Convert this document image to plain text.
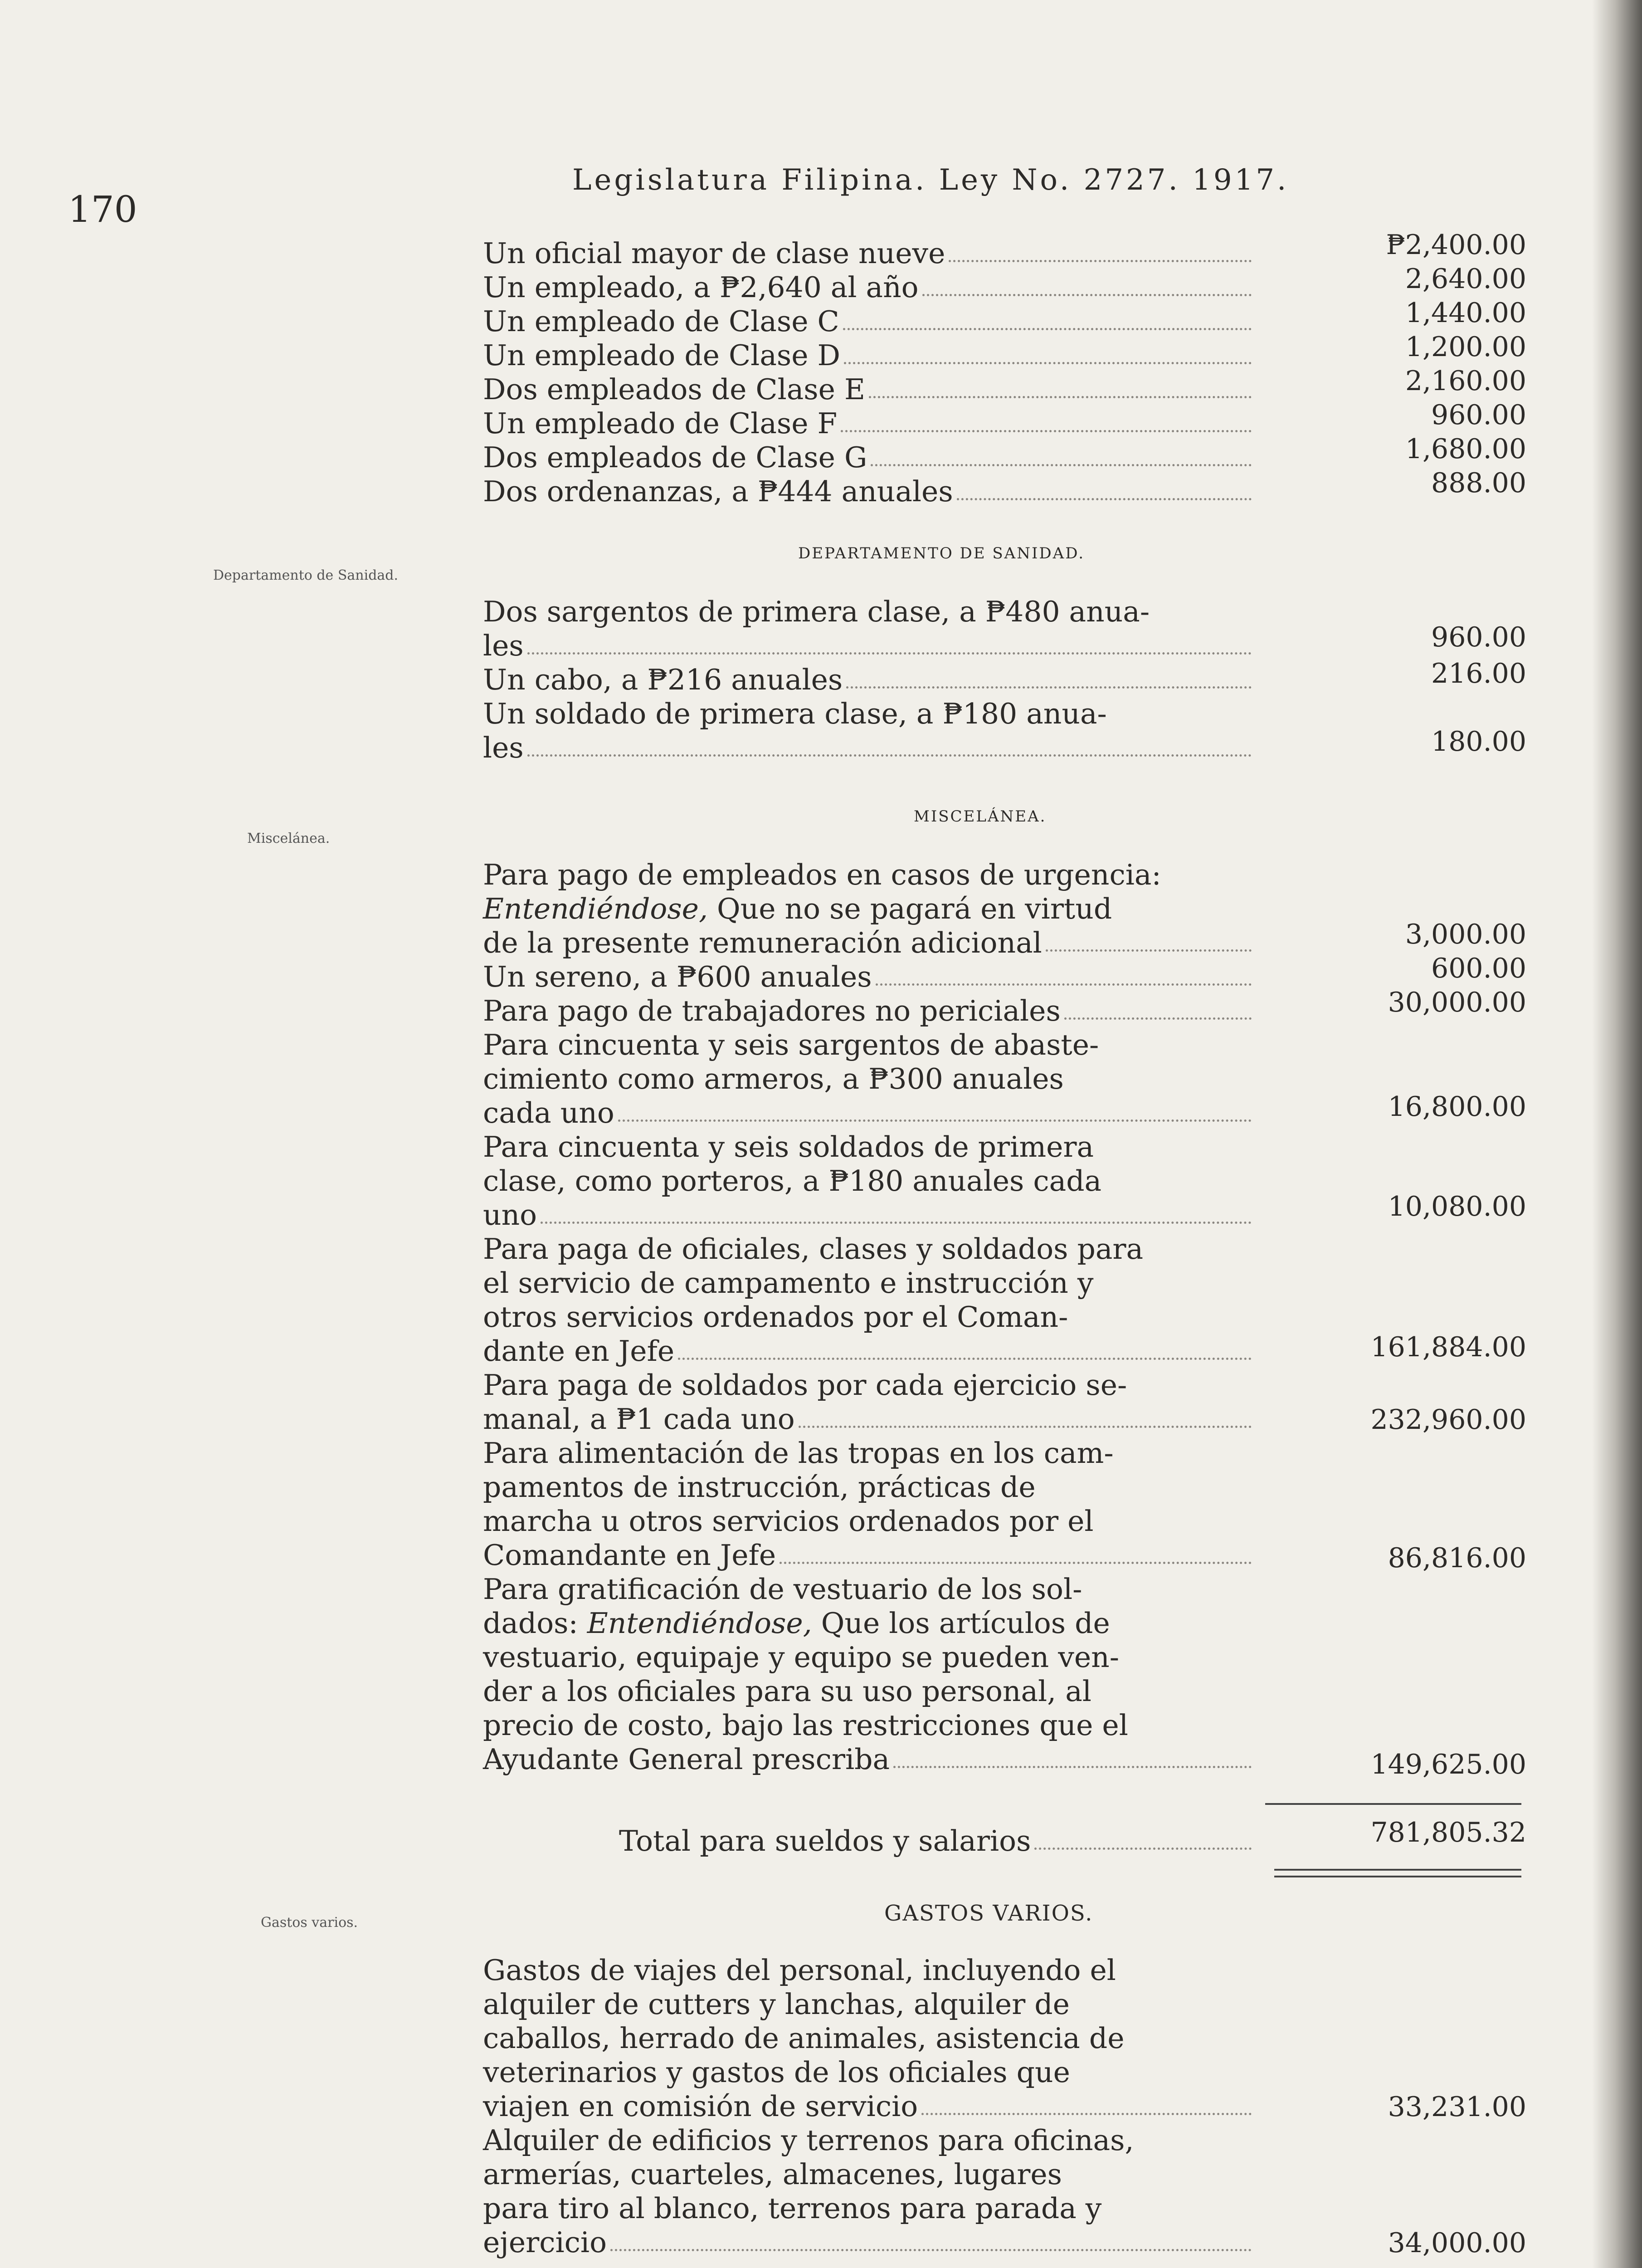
170
Legislatura Filipina. Ley No. 2727. 1917.
Departamento de Sanidad.
Miscelánea.
Gastos varios.
DEPARTAMENTO DE SANIDAD.
MISCELÁNEA.
GASTOS VARIOS.
Un oficial mayor de clase nueve
Un empleado, a ₱2,640 al año
Un empleado de Clase C
Un empleado de Clase D
Dos empleados de Clase E
Un empleado de Clase F
Dos empleados de Clase G
Dos ordenanzas, a ₱444 anuales
Dos sargentos de primera clase, a ₱480 anua-
les
Un cabo, a ₱216 anuales
Un soldado de primera clase, a ₱180 anua-
les
Para pago de empleados en casos de urgencia:
Entendiéndose, Que no se pagará en virtud
de la presente remuneración adicional
Un sereno, a ₱600 anuales
Para pago de trabajadores no periciales
Para cincuenta y seis sargentos de abaste-
cimiento como armeros, a ₱300 anuales
cada uno
Para cincuenta y seis soldados de primera
clase, como porteros, a ₱180 anuales cada
uno
Para paga de oficiales, clases y soldados para
el servicio de campamento e instrucción y
otros servicios ordenados por el Coman-
dante en Jefe
Para paga de soldados por cada ejercicio se-
manal, a ₱1 cada uno
Para alimentación de las tropas en los cam-
pamentos de instrucción, prácticas de
marcha u otros servicios ordenados por el
Comandante en Jefe
Para gratificación de vestuario de los sol-
dados: Entendiéndose, Que los artículos de
vestuario, equipaje y equipo se pueden ven-
der a los oficiales para su uso personal, al
precio de costo, bajo las restricciones que el
Ayudante General prescriba
Total para sueldos y salarios
Gastos de viajes del personal, incluyendo el
alquiler de cutters y lanchas, alquiler de
caballos, herrado de animales, asistencia de
veterinarios y gastos de los oficiales que
viajen en comisión de servicio
Alquiler de edificios y terrenos para oficinas,
armerías, cuarteles, almacenes, lugares
para tiro al blanco, terrenos para parada y
ejercicio
₱2,400.00
2,640.00
1,440.00
1,200.00
2,160.00
960.00
1,680.00
888.00
960.00
216.00
180.00
3,000.00
600.00
30,000.00
16,800.00
10,080.00
161,884.00
232,960.00
86,816.00
149,625.00
781,805.32
33,231.00
34,000.00
